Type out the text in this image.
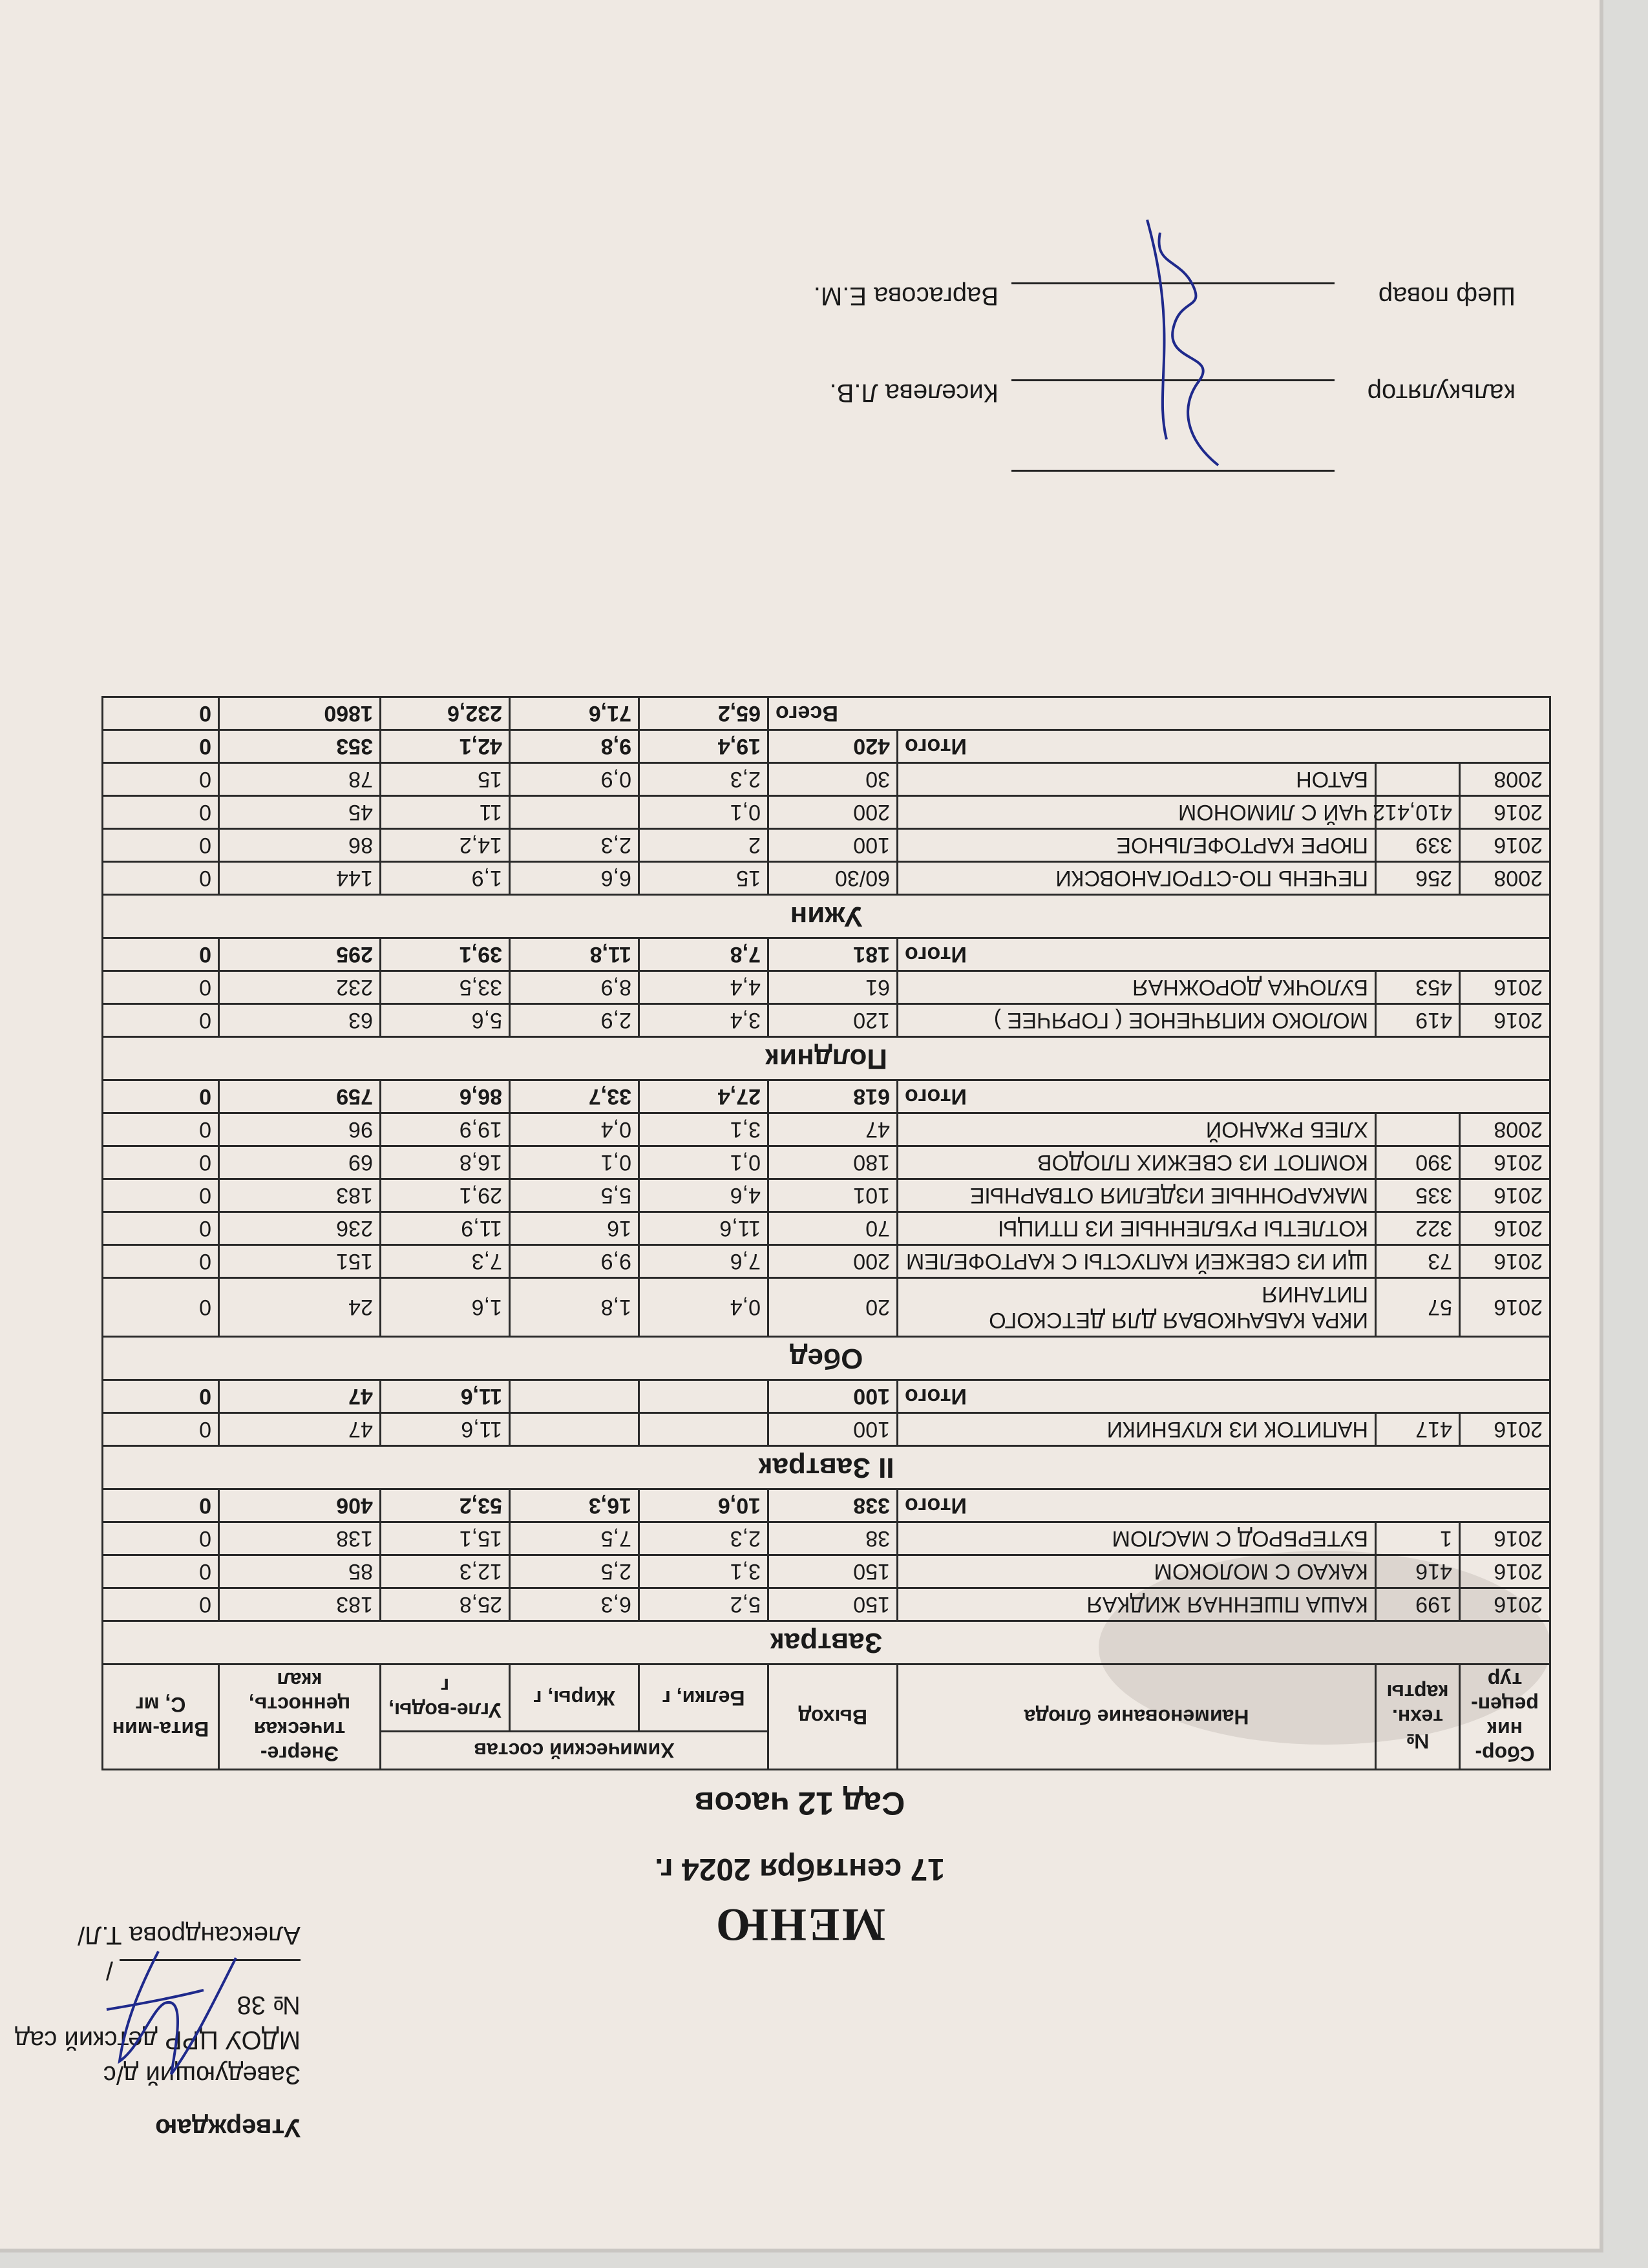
Утверждаю
Заведующий д/с
МДОУ ЦРР детский сад № 38
/Александрова Т.Л/	МЕНЮ
17 сентября 2024 г.
Сад 12 часов
Сбор-ник рецеп-тур	№ техн. карты	Наименование блюда	Выход	Химический состав			Энерге-тическая ценность, ккал	Вита-мин С, мг
				Белки, г	Жиры, г	Угле-воды, г		
Завтрак								
2016	199	КАША ПШЕННАЯ ЖИДКАЯ	150	5,2	6,3	25,8	183	0
2016	416	КАКАО С МОЛОКОМ	150	3,1	2,5	12,3	85	0
2016	1	БУТЕРБРОД С МАСЛОМ	38	2,3	7,5	15,1	138	0
Итого			338	10,6	16,3	53,2	406	0
II Завтрак								
2016	417	НАПИТОК ИЗ КЛУБНИКИ	100			11,6	47	0
Итого			100			11,6	47	0
Обед								
2016	57	ИКРА КАБАЧКОВАЯ ДЛЯ ДЕТСКОГО ПИТАНИЯ	20	0,4	1,8	1,6	24	0
2016	73	ЩИ ИЗ СВЕЖЕЙ КАПУСТЫ С КАРТОФЕЛЕМ	200	7,6	9,9	7,3	151	0
2016	322	КОТЛЕТЫ РУБЛЕННЫЕ ИЗ ПТИЦЫ	70	11,6	16	11,9	236	0
2016	335	МАКАРОННЫЕ ИЗДЕЛИЯ ОТВАРНЫЕ	101	4,6	5,5	29,1	183	0
2016	390	КОМПОТ ИЗ СВЕЖИХ ПЛОДОВ	180	0,1	0,1	16,8	69	0
2008		ХЛЕБ РЖАНОЙ	47	3,1	0,4	19,9	96	0
Итого			618	27,4	33,7	86,6	759	0
Полдник								
2016	419	МОЛОКО КИПЯЧЕНОЕ ( ГОРЯЧЕЕ )	120	3,4	2,9	5,6	63	0
2016	453	БУЛОЧКА ДОРОЖНАЯ	61	4,4	8,9	33,5	232	0
Итого			181	7,8	11,8	39,1	295	0
Ужин								
2008	256	ПЕЧЕНЬ ПО-СТРОГАНОВСКИ	60/30	15	6,6	1,9	144	0
2016	339	ПЮРЕ КАРТОФЕЛЬНОЕ	100	2	2,3	14,2	86	0
2016	410,412	ЧАЙ С ЛИМОНОМ	200	0,1		11	45	0
2008		БАТОН	30	2,3	0,9	15	78	0
Итого			420	19,4	9,8	42,1	353	0
Всего				65,2	71,6	232,6	1860	0
калькулятор
Киселева Л.В.
Шеф повар
Варгасова Е.М.
